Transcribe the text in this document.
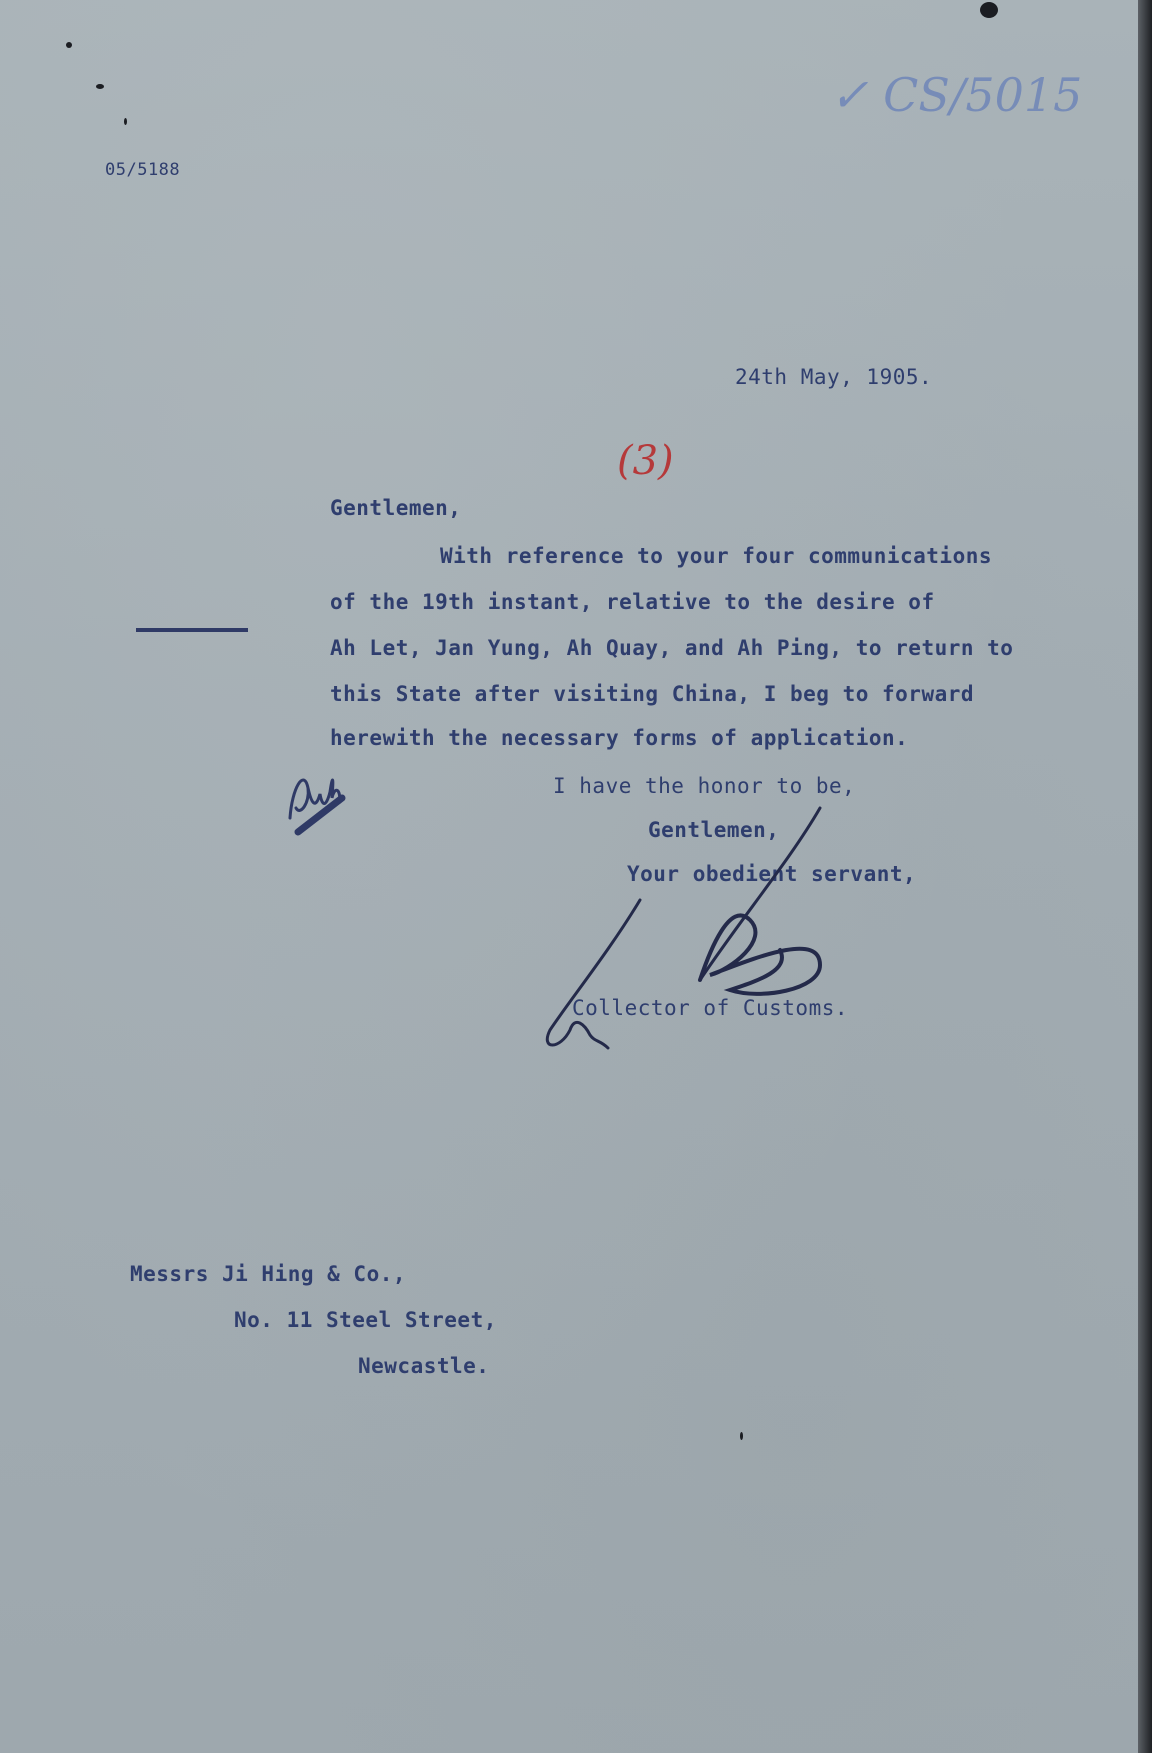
05/5188
✓ CS/5015
24th May, 1905.
(3)
Gentlemen,
With reference to your four communications
of the 19th instant, relative to the desire of
Ah Let, Jan Yung, Ah Quay, and Ah Ping, to return to
this State after visiting China, I beg to forward
herewith the necessary forms of application.
I have the honor to be,
Gentlemen,
Your obedient servant,
Collector of Customs.
Messrs Ji Hing & Co.,
No. 11 Steel Street,
Newcastle.
